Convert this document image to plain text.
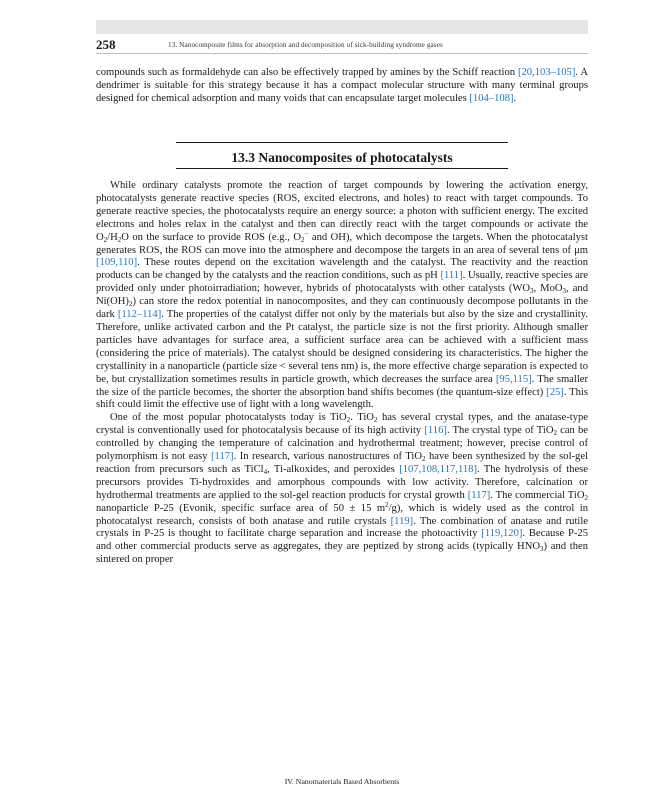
258	13. Nanocomposite films for absorption and decomposition of sick-building syndrome gases

compounds such as formaldehyde can also be effectively trapped by amines by the Schiff reaction [20,103–105]. A dendrimer is suitable for this strategy because it has a compact molecular structure with many terminal groups designed for chemical adsorption and many voids that can encapsulate target molecules [104–108].

13.3 Nanocomposites of photocatalysts

While ordinary catalysts promote the reaction of target compounds by lowering the activation energy, photocatalysts generate reactive species (ROS, excited electrons, and holes) to react with target compounds. To generate reactive species, the photocatalysts require an energy source: a photon with sufficient energy. The excited electrons and holes relax in the catalyst and then can directly react with the target compounds or activate the $O_2/H_2O$ on the surface to provide ROS (e.g., $O_2^-$ and OH), which decompose the targets. When the photocatalyst generates ROS, the ROS can move into the atmosphere and decompose the targets in an area of several tens of μm [109,110]. These routes depend on the excitation wavelength and the catalyst. The reactivity and the reaction products can be changed by the catalysts and the reaction conditions, such as pH [111]. Usually, reactive species are provided only under photoirradiation; however, hybrids of photocatalysts with other catalysts ($WO_3$, MoO$_3$, and $Ni(OH)_2$) can store the redox potential in nanocomposites, and they can continuously decompose pollutants in the dark [112–114]. The properties of the catalyst differ not only by the materials but also by the size and crystallinity. Therefore, unlike activated carbon and the Pt catalyst, the particle size is not the first priority. Although smaller particles have advantages for surface area, a sufficient surface area can be achieved with a sufficient mass (considering the price of materials). The catalyst should be designed considering its characteristics. The higher the crystallinity in a nanoparticle (particle size < several tens nm) is, the more effective charge separation is expected to be, but crystallization sometimes results in particle growth, which decreases the surface area [95,115]. The smaller the size of the particle becomes, the shorter the absorption band shifts becomes (the quantum-size effect) [25]. This shift could limit the effective use of light with a long wavelength.

One of the most popular photocatalysts today is TiO$_2$. TiO$_2$ has several crystal types, and the anatase-type crystal is conventionally used for photocatalysis because of its high activity [116]. The crystal type of TiO$_2$ can be controlled by changing the temperature of calcination and hydrothermal treatment; however, precise control of polymorphism is not easy [117]. In research, various nanostructures of TiO$_2$ have been synthesized by the sol-gel reaction from precursors such as TiCl$_4$, Ti-alkoxides, and peroxides [107,108,117,118]. The hydrolysis of these precursors provides Ti-hydroxides and amorphous compounds with low activity. Therefore, calcination or hydrothermal treatments are applied to the sol-gel reaction products for crystal growth [117]. The commercial TiO$_2$ nanoparticle P-25 (Evonik, specific surface area of 50 ± 15 $m^2/g$), which is widely used as the control in photocatalyst research, consists of both anatase and rutile crystals [119]. The combination of anatase and rutile crystals in P-25 is thought to facilitate charge separation and increase the photoactivity [119,120]. Because P-25 and other commercial products serve as aggregates, they are peptized by strong acids (typically $HNO_3$) and then sintered on proper

IV. Nanomaterials Based Absorbents
